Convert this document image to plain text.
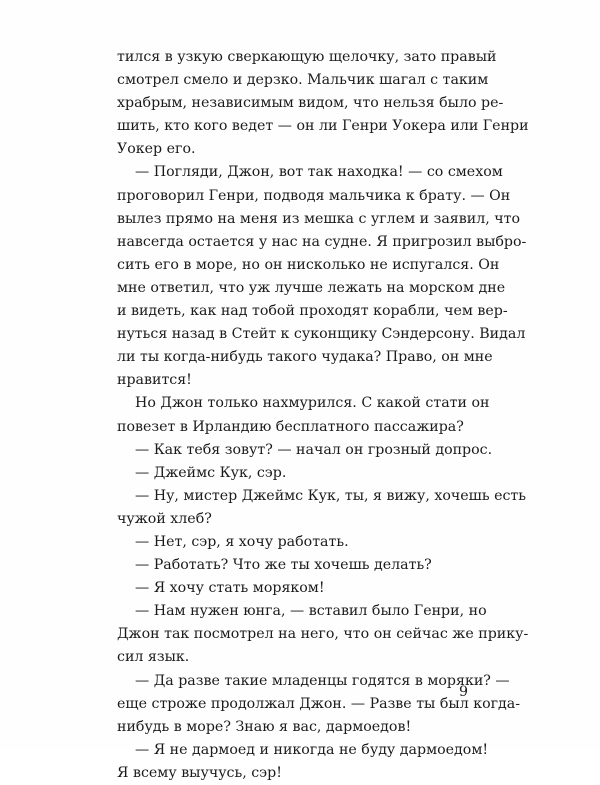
тился в узкую сверкающую щелочку, зато правый
смотрел смело и дерзко. Мальчик шагал с таким
храбрым, независимым видом, что нельзя было ре-
шить, кто кого ведет — он ли Генри Уокера или Генри
Уокер его.
— Погляди, Джон, вот так находка! — со смехом
проговорил Генри, подводя мальчика к брату. — Он
вылез прямо на меня из мешка с углем и заявил, что
навсегда остается у нас на судне. Я пригрозил выбро-
сить его в море, но он нисколько не испугался. Он
мне ответил, что уж лучше лежать на морском дне
и видеть, как над тобой проходят корабли, чем вер-
нуться назад в Стейт к суконщику Сэндерсону. Видал
ли ты когда-нибудь такого чудака? Право, он мне
нравится!
Но Джон только нахмурился. С какой стати он
повезет в Ирландию бесплатного пассажира?
— Как тебя зовут? — начал он грозный допрос.
— Джеймс Кук, сэр.
— Ну, мистер Джеймс Кук, ты, я вижу, хочешь есть
чужой хлеб?
— Нет, сэр, я хочу работать.
— Работать? Что же ты хочешь делать?
— Я хочу стать моряком!
— Нам нужен юнга, — вставил было Генри, но
Джон так посмотрел на него, что он сейчас же прику-
сил язык.
— Да разве такие младенцы годятся в моряки? —
еще строже продолжал Джон. — Разве ты был когда-
нибудь в море? Знаю я вас, дармоедов!
— Я не дармоед и никогда не буду дармоедом!
Я всему выучусь, сэр!
9
